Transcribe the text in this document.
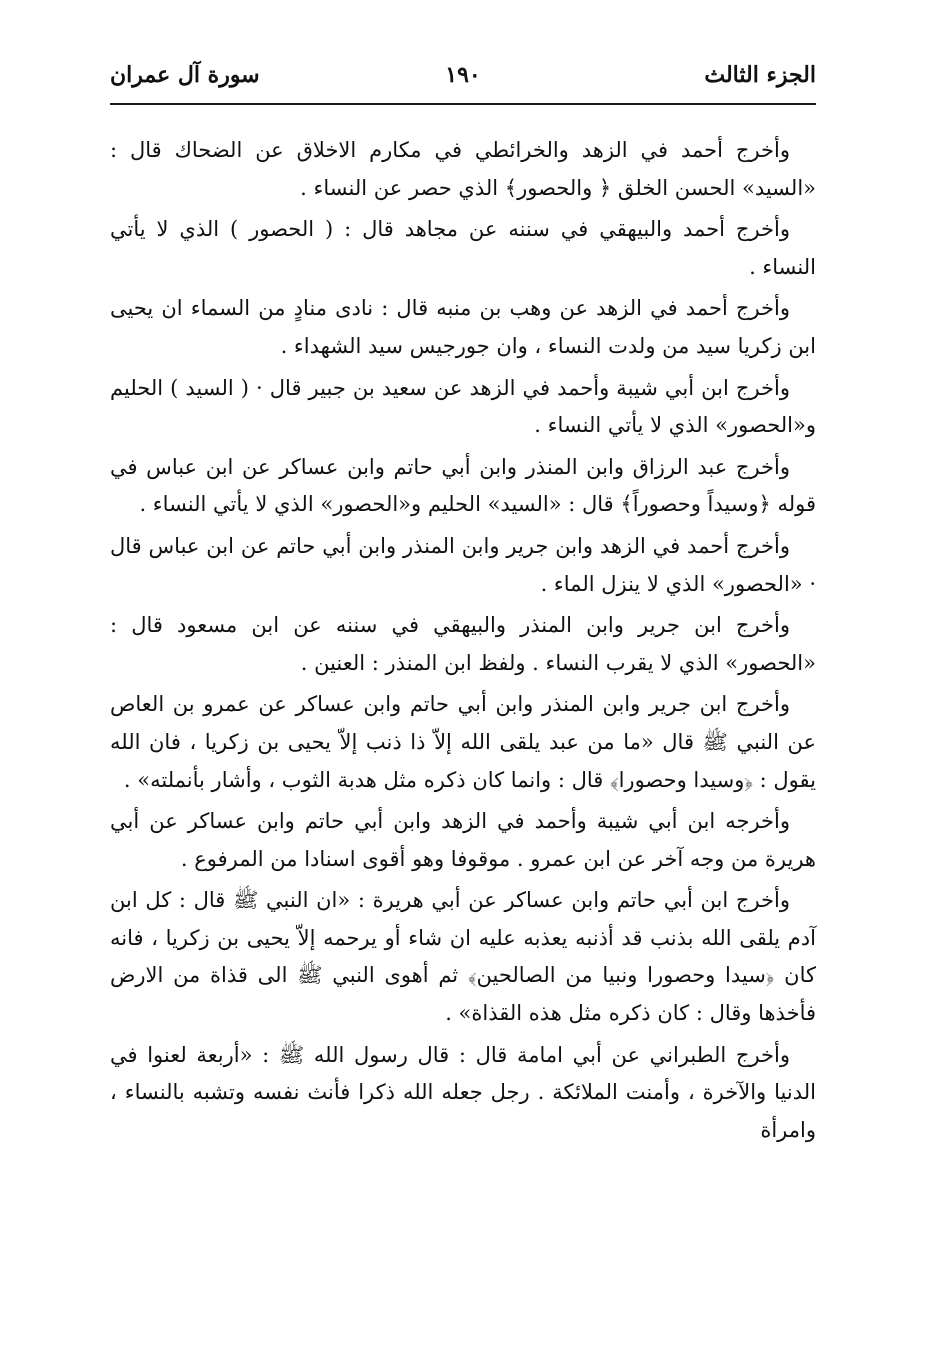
الجزء الثالث
١٩٠
سورة آل عمران

وأخرج أحمد في الزهد والخرائطي في مكارم الاخلاق عن الضحاك قال : «السيد» الحسن الخلق ﴿ والحصور﴾ الذي حصر عن النساء .

وأخرج أحمد والبيهقي في سننه عن مجاهد قال : ( الحصور ) الذي لا يأتي النساء .

وأخرج أحمد في الزهد عن وهب بن منبه قال : نادى منادٍ من السماء ان يحيى ابن زكريا سيد من ولدت النساء ، وان جورجيس سيد الشهداء .

وأخرج ابن أبي شيبة وأحمد في الزهد عن سعيد بن جبير قال · ( السيد ) الحليم و«الحصور» الذي لا يأتي النساء .

وأخرج عبد الرزاق وابن المنذر وابن أبي حاتم وابن عساكر عن ابن عباس في قوله ﴿وسيداً وحصوراً﴾ قال : «السيد» الحليم و«الحصور» الذي لا يأتي النساء .

وأخرج أحمد في الزهد وابن جرير وابن المنذر وابن أبي حاتم عن ابن عباس قال · «الحصور» الذي لا ينزل الماء .

وأخرج ابن جرير وابن المنذر والبيهقي في سننه عن ابن مسعود قال : «الحصور» الذي لا يقرب النساء . ولفظ ابن المنذر : العنين .

وأخرج ابن جرير وابن المنذر وابن أبي حاتم وابن عساكر عن عمرو بن العاص عن النبي ﷺ قال «ما من عبد يلقى الله إلاّ ذا ذنب إلاّ يحيى بن زكريا ، فان الله يقول : ﴿وسيدا وحصورا﴾ قال : وانما كان ذكره مثل هدبة الثوب ، وأشار بأنملته» .

وأخرجه ابن أبي شيبة وأحمد في الزهد وابن أبي حاتم وابن عساكر عن أبي هريرة من وجه آخر عن ابن عمرو . موقوفا وهو أقوى اسنادا من المرفوع .

وأخرج ابن أبي حاتم وابن عساكر عن أبي هريرة : «ان النبي ﷺ قال : كل ابن آدم يلقى الله بذنب قد أذنبه يعذبه عليه ان شاء أو يرحمه إلاّ يحيى بن زكريا ، فانه كان ﴿سيدا وحصورا ونبيا من الصالحين﴾ ثم أهوى النبي ﷺ الى قذاة من الارض فأخذها وقال : كان ذكره مثل هذه القذاة» .

وأخرج الطبراني عن أبي امامة قال : قال رسول الله ﷺ : «أربعة لعنوا في الدنيا والآخرة ، وأمنت الملائكة . رجل جعله الله ذكرا فأنث نفسه وتشبه بالنساء ، وامرأة
